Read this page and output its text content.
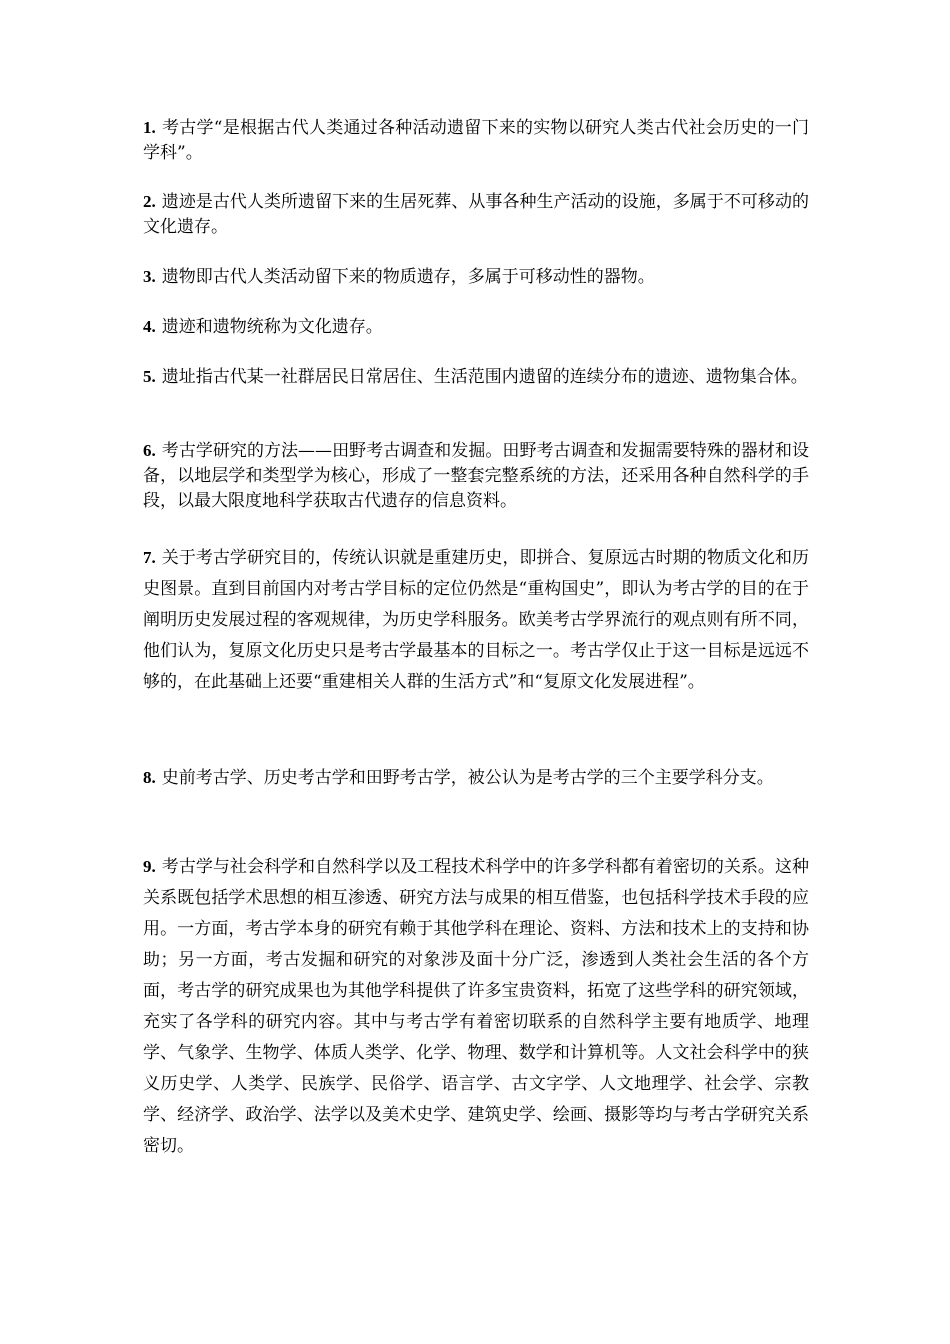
1. 考古学“是根据古代人类通过各种活动遗留下来的实物以研究人类古代社会历史的一门学科”。

2. 遗迹是古代人类所遗留下来的生居死葬、从事各种生产活动的设施，多属于不可移动的文化遗存。

3. 遗物即古代人类活动留下来的物质遗存，多属于可移动性的器物。

4. 遗迹和遗物统称为文化遗存。

5. 遗址指古代某一社群居民日常居住、生活范围内遗留的连续分布的遗迹、遗物集合体。

6. 考古学研究的方法——田野考古调查和发掘。田野考古调查和发掘需要特殊的器材和设备，以地层学和类型学为核心，形成了一整套完整系统的方法，还采用各种自然科学的手段，以最大限度地科学获取古代遗存的信息资料。

7. 关于考古学研究目的，传统认识就是重建历史，即拼合、复原远古时期的物质文化和历史图景。直到目前国内对考古学目标的定位仍然是“重构国史”，即认为考古学的目的在于阐明历史发展过程的客观规律，为历史学科服务。欧美考古学界流行的观点则有所不同，他们认为，复原文化历史只是考古学最基本的目标之一。考古学仅止于这一目标是远远不够的，在此基础上还要“重建相关人群的生活方式”和“复原文化发展进程”。

8. 史前考古学、历史考古学和田野考古学，被公认为是考古学的三个主要学科分支。

9. 考古学与社会科学和自然科学以及工程技术科学中的许多学科都有着密切的关系。这种关系既包括学术思想的相互渗透、研究方法与成果的相互借鉴，也包括科学技术手段的应用。一方面，考古学本身的研究有赖于其他学科在理论、资料、方法和技术上的支持和协助；另一方面，考古发掘和研究的对象涉及面十分广泛，渗透到人类社会生活的各个方面，考古学的研究成果也为其他学科提供了许多宝贵资料，拓宽了这些学科的研究领域，充实了各学科的研究内容。其中与考古学有着密切联系的自然科学主要有地质学、地理学、气象学、生物学、体质人类学、化学、物理、数学和计算机等。人文社会科学中的狭义历史学、人类学、民族学、民俗学、语言学、古文字学、人文地理学、社会学、宗教学、经济学、政治学、法学以及美术史学、建筑史学、绘画、摄影等均与考古学研究关系密切。
